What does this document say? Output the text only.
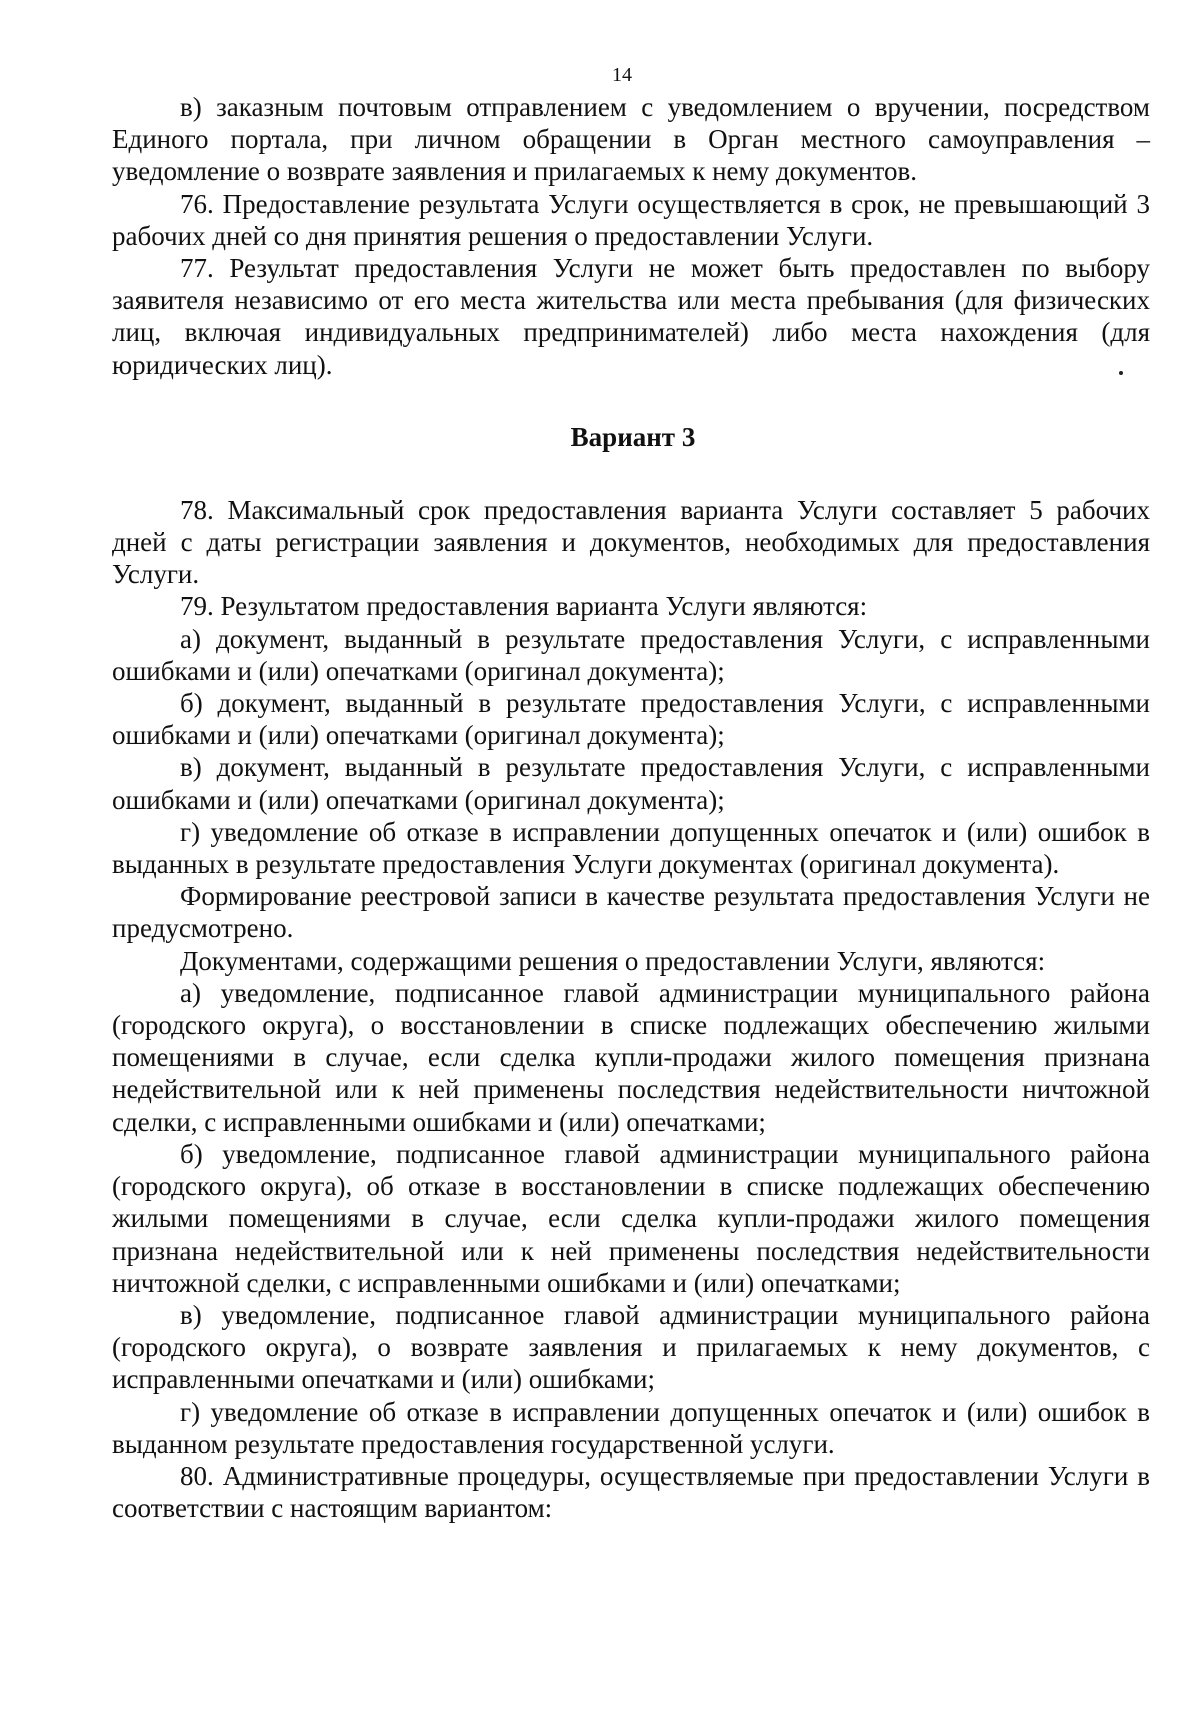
14

в) заказным почтовым отправлением с уведомлением о вручении, посредством Единого портала, при личном обращении в Орган местного самоуправления – уведомление о возврате заявления и прилагаемых к нему документов.

76. Предоставление результата Услуги осуществляется в срок, не превышающий 3 рабочих дней со дня принятия решения о предоставлении Услуги.

77. Результат предоставления Услуги не может быть предоставлен по выбору заявителя независимо от его места жительства или места пребывания (для физических лиц, включая индивидуальных предпринимателей) либо места нахождения (для юридических лиц).

Вариант 3

78. Максимальный срок предоставления варианта Услуги составляет 5 рабочих дней с даты регистрации заявления и документов, необходимых для предоставления Услуги.

79. Результатом предоставления варианта Услуги являются:

а) документ, выданный в результате предоставления Услуги, с исправленными ошибками и (или) опечатками (оригинал документа);

б) документ, выданный в результате предоставления Услуги, с исправленными ошибками и (или) опечатками (оригинал документа);

в) документ, выданный в результате предоставления Услуги, с исправленными ошибками и (или) опечатками (оригинал документа);

г) уведомление об отказе в исправлении допущенных опечаток и (или) ошибок в выданных в результате предоставления Услуги документах (оригинал документа).

Формирование реестровой записи в качестве результата предоставления Услуги не предусмотрено.

Документами, содержащими решения о предоставлении Услуги, являются:

а) уведомление, подписанное главой администрации муниципального района (городского округа), о восстановлении в списке подлежащих обеспечению жилыми помещениями в случае, если сделка купли-продажи жилого помещения признана недействительной или к ней применены последствия недействительности ничтожной сделки, с исправленными ошибками и (или) опечатками;

б) уведомление, подписанное главой администрации муниципального района (городского округа), об отказе в восстановлении в списке подлежащих обеспечению жилыми помещениями в случае, если сделка купли-продажи жилого помещения признана недействительной или к ней применены последствия недействительности ничтожной сделки, с исправленными ошибками и (или) опечатками;

в) уведомление, подписанное главой администрации муниципального района (городского округа), о возврате заявления и прилагаемых к нему документов, с исправленными опечатками и (или) ошибками;

г) уведомление об отказе в исправлении допущенных опечаток и (или) ошибок в выданном результате предоставления государственной услуги.

80. Административные процедуры, осуществляемые при предоставлении Услуги в соответствии с настоящим вариантом:
